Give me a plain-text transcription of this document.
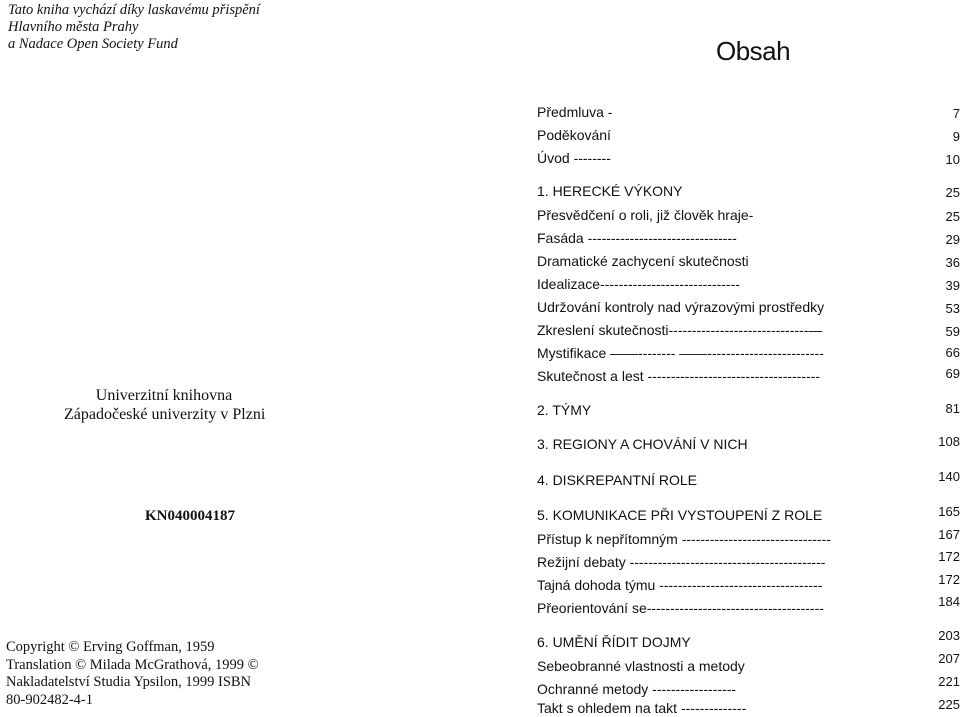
Tato kniha vychází díky laskavému přispění
Hlavního města Prahy
a Nadace Open Society Fund	Obsah
Univerzitní knihovna
Západočeské univerzity v Plzni
KN040004187
Copyright © Erving Goffman, 1959
Translation © Milada McGrathová, 1999 ©
Nakladatelství Studia Ypsilon, 1999 ISBN
80-902482-4-1
Předmluva -	7
Poděkování	9
Úvod --------	10
1. HERECKÉ VÝKONY	25
Přesvědčení o roli, již člověk hraje-	25
Fasáda --------------------------------	29
Dramatické zachycení skutečnosti	36
Idealizace------------------------------	39
Udržování kontroly nad výrazovými prostředky	53
Zkreslení skutečnosti------------------------------—	59
Mystifikace ——-------- ——-------------------------	66
Skutečnost a lest -------------------------------------	69
2. TÝMY	81
3. REGIONY A CHOVÁNÍ V NICH	108
4. DISKREPANTNÍ ROLE	140
5. KOMUNIKACE PŘI VYSTOUPENÍ Z ROLE	165
Přístup k nepřítomným --------------------------------	167
Režijní debaty ------------------------------------------	172
Tajná dohoda týmu -----------------------------------	172
Přeorientování se--------------------------------------	184
6. UMĚNÍ ŘÍDIT DOJMY	203
Sebeobranné vlastnosti a metody	207
Ochranné metody ------------------	221
Takt s ohledem na takt --------------	225
